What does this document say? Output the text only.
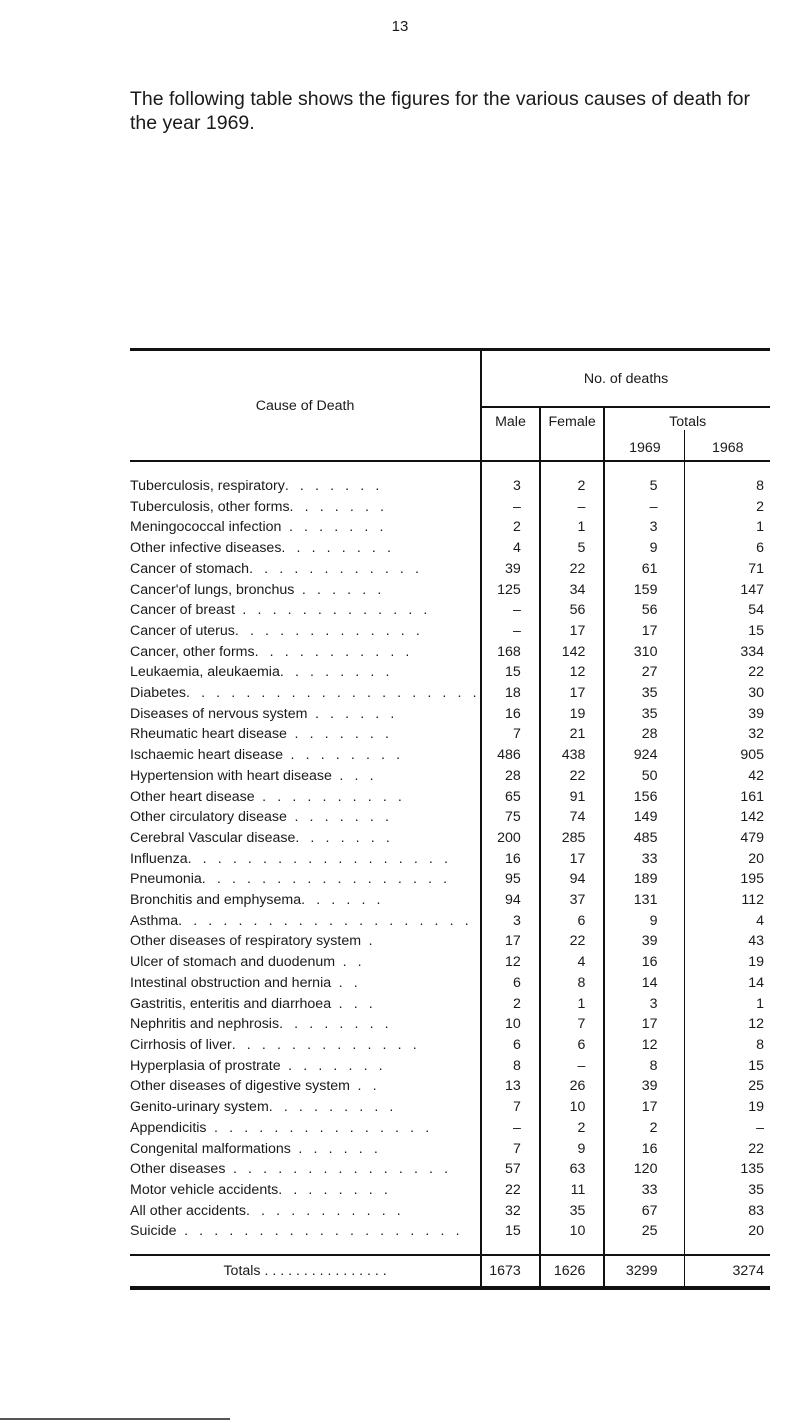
13
The following table shows the figures for the various causes of death for the year 1969.
Cause of Death	No. of deaths			
	Male	Female	Totals	
			1969	1968
Tuberculosis, respiratory. . . . . . .	3	2	5	8
Tuberculosis, other forms. . . . . . .	–	–	–	2
Meningococcal infection . . . . . . .	2	1	3	1
Other infective diseases. . . . . . . .	4	5	9	6
Cancer of stomach. . . . . . . . . . . .	39	22	61	71
Cancer'of lungs, bronchus . . . . . .	125	34	159	147
Cancer of breast . . . . . . . . . . . . .	–	56	56	54
Cancer of uterus. . . . . . . . . . . . .	–	17	17	15
Cancer, other forms. . . . . . . . . . .	168	142	310	334
Leukaemia, aleukaemia. . . . . . . .	15	12	27	22
Diabetes. . . . . . . . . . . . . . . . . . . .	18	17	35	30
Diseases of nervous system . . . . . .	16	19	35	39
Rheumatic heart disease . . . . . . .	7	21	28	32
Ischaemic heart disease . . . . . . . .	486	438	924	905
Hypertension with heart disease . . .	28	22	50	42
Other heart disease . . . . . . . . . .	65	91	156	161
Other circulatory disease . . . . . . .	75	74	149	142
Cerebral Vascular disease. . . . . . .	200	285	485	479
Influenza. . . . . . . . . . . . . . . . . .	16	17	33	20
Pneumonia. . . . . . . . . . . . . . . . .	95	94	189	195
Bronchitis and emphysema. . . . . .	94	37	131	112
Asthma. . . . . . . . . . . . . . . . . . . .	3	6	9	4
Other diseases of respiratory system .	17	22	39	43
Ulcer of stomach and duodenum . .	12	4	16	19
Intestinal obstruction and hernia . .	6	8	14	14
Gastritis, enteritis and diarrhoea . . .	2	1	3	1
Nephritis and nephrosis. . . . . . . .	10	7	17	12
Cirrhosis of liver. . . . . . . . . . . . .	6	6	12	8
Hyperplasia of prostrate . . . . . . .	8	–	8	15
Other diseases of digestive system . .	13	26	39	25
Genito-urinary system. . . . . . . . .	7	10	17	19
Appendicitis . . . . . . . . . . . . . . .	–	2	2	–
Congenital malformations . . . . . .	7	9	16	22
Other diseases . . . . . . . . . . . . . . .	57	63	120	135
Motor vehicle accidents. . . . . . . .	22	11	33	35
All other accidents. . . . . . . . . . .	32	35	67	83
Suicide . . . . . . . . . . . . . . . . . . .	15	10	25	20
Totals . . . . . . . . . . . . . . . .	1673	1626	3299	3274
